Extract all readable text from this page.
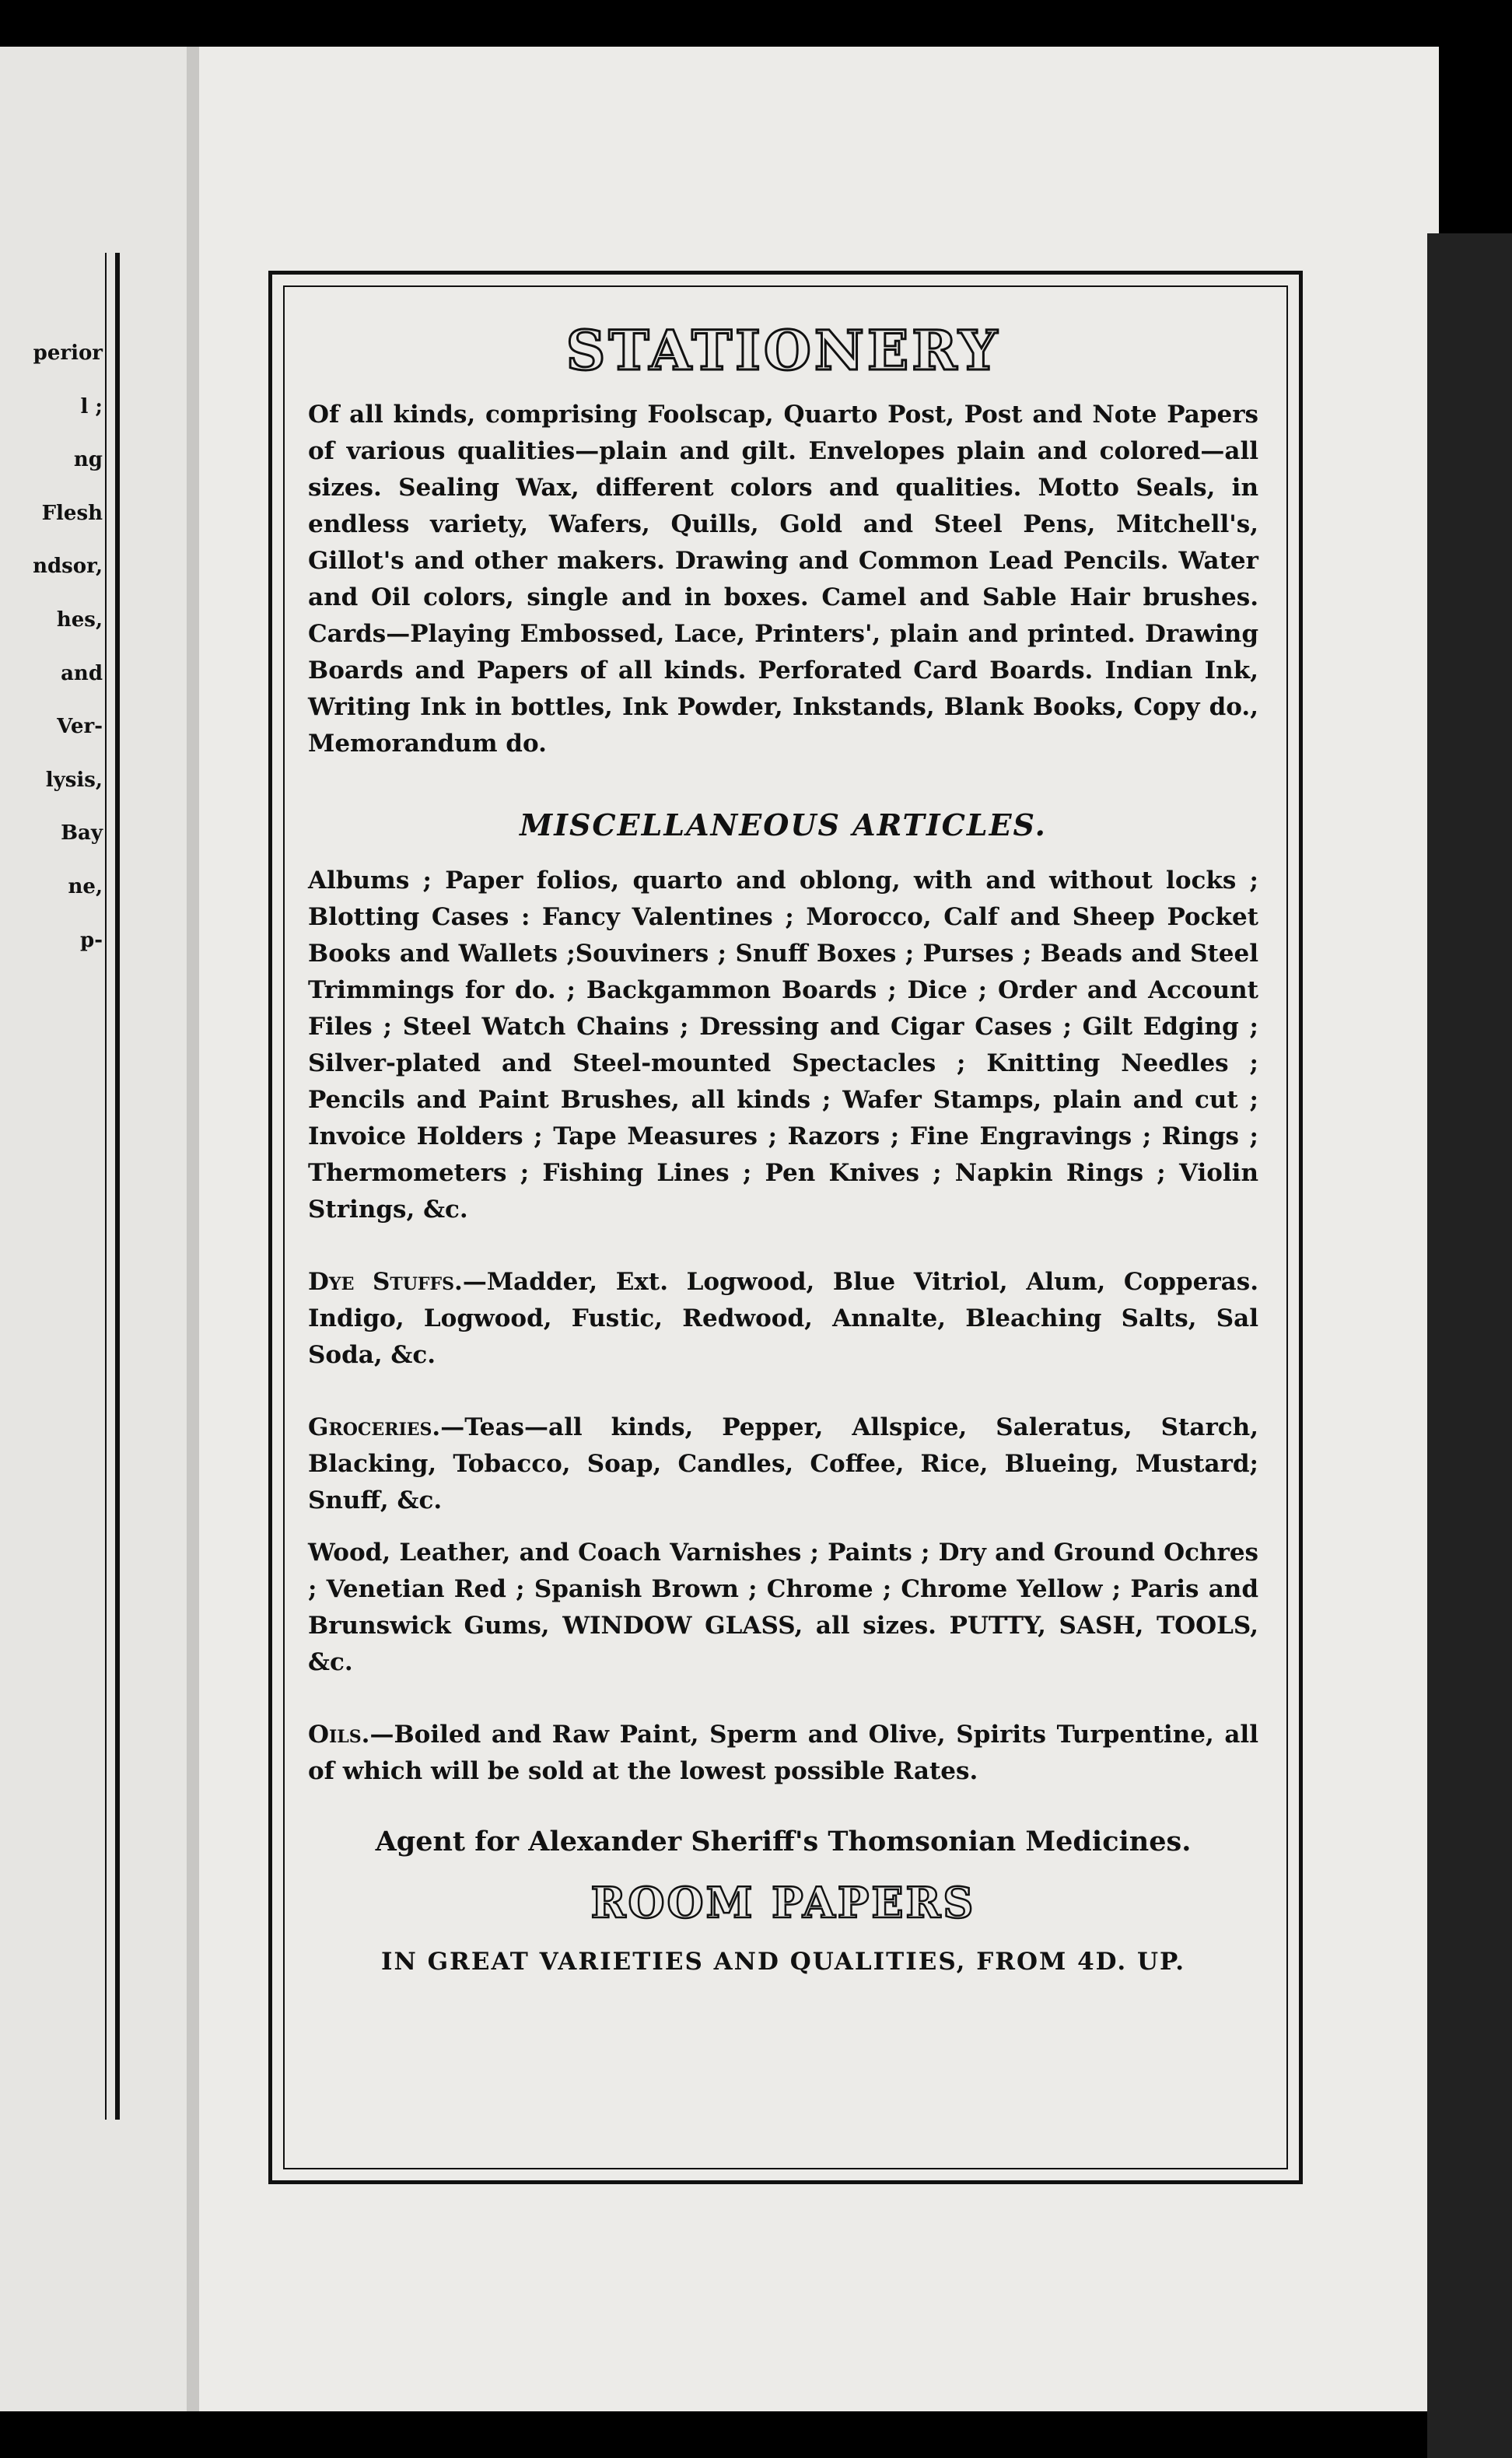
perior
l ;
ng
Flesh
ndsor,
hes,
and
Ver-
lysis,
Bay
ne,
p-
STATIONERY

Of all kinds, comprising Foolscap, Quarto Post, Post and Note Papers of various qualities—plain and gilt. Envelopes plain and colored—all sizes. Sealing Wax, different colors and qualities. Motto Seals, in endless variety, Wafers, Quills, Gold and Steel Pens, Mitchell's, Gillot's and other makers. Drawing and Common Lead Pencils. Water and Oil colors, single and in boxes. Camel and Sable Hair brushes. Cards—Playing Embossed, Lace, Printers', plain and printed. Drawing Boards and Papers of all kinds. Perforated Card Boards. Indian Ink, Writing Ink in bottles, Ink Powder, Inkstands, Blank Books, Copy do., Memorandum do.

MISCELLANEOUS ARTICLES.

Albums ; Paper folios, quarto and oblong, with and without locks ; Blotting Cases : Fancy Valentines ; Morocco, Calf and Sheep Pocket Books and Wallets ;Souviners ; Snuff Boxes ; Purses ; Beads and Steel Trimmings for do. ; Backgammon Boards ; Dice ; Order and Account Files ; Steel Watch Chains ; Dressing and Cigar Cases ; Gilt Edging ; Silver-plated and Steel-mounted Spectacles ; Knitting Needles ; Pencils and Paint Brushes, all kinds ; Wafer Stamps, plain and cut ; Invoice Holders ; Tape Measures ; Razors ; Fine Engravings ; Rings ; Thermometers ; Fishing Lines ; Pen Knives ; Napkin Rings ; Violin Strings, &c.

Dye Stuffs.—Madder, Ext. Logwood, Blue Vitriol, Alum, Copperas. Indigo, Logwood, Fustic, Redwood, Annalte, Bleaching Salts, Sal Soda, &c.

Groceries.—Teas—all kinds, Pepper, Allspice, Saleratus, Starch, Blacking, Tobacco, Soap, Candles, Coffee, Rice, Blueing, Mustard; Snuff, &c.

Wood, Leather, and Coach Varnishes ; Paints ; Dry and Ground Ochres ; Venetian Red ; Spanish Brown ; Chrome ; Chrome Yellow ; Paris and Brunswick Gums, WINDOW GLASS, all sizes. PUTTY, SASH, TOOLS, &c.

Oils.—Boiled and Raw Paint, Sperm and Olive, Spirits Turpentine, all of which will be sold at the lowest possible Rates.

Agent for Alexander Sheriff's Thomsonian Medicines.

ROOM PAPERS

IN GREAT VARIETIES AND QUALITIES, FROM 4D. UP.
